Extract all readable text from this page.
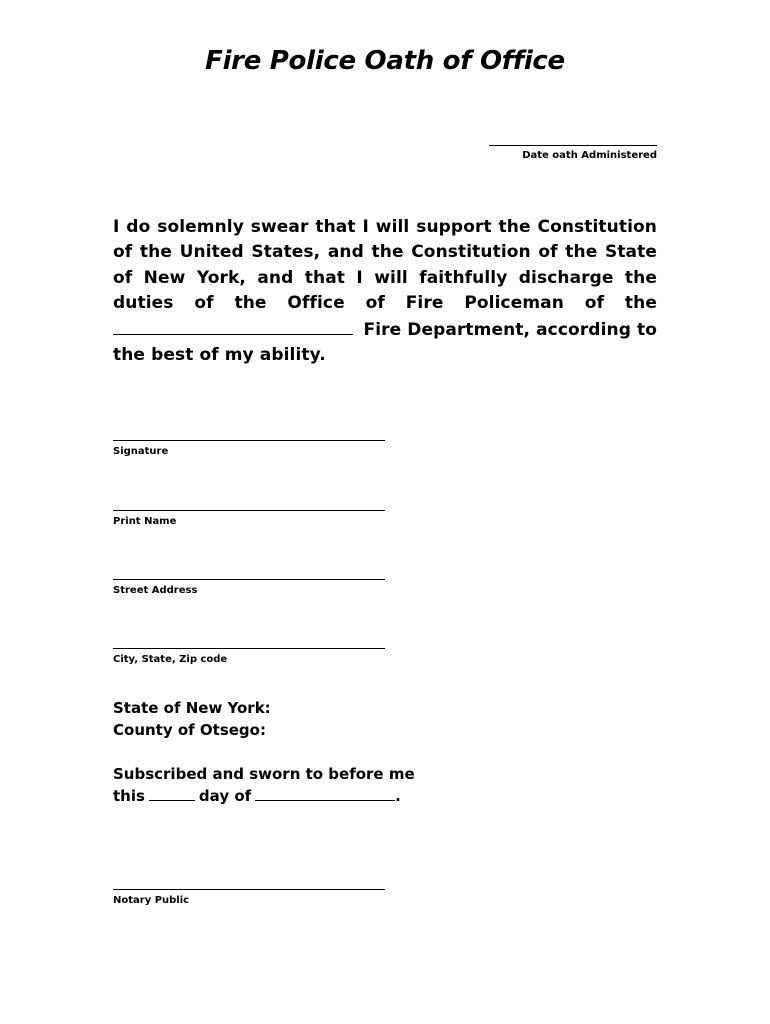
Fire Police Oath of Office
Date oath Administered
I do solemnly swear that I will support the Constitution
of the United States, and the Constitution of the State
of New York, and that I will faithfully discharge the
duties of the Office of Fire Policeman of the
Fire Department, according to
the best of my ability.
Signature
Print Name
Street Address
City, State, Zip code
State of New York:
County of Otsego:
Subscribed and sworn to before me
this	day of	.
Notary Public
